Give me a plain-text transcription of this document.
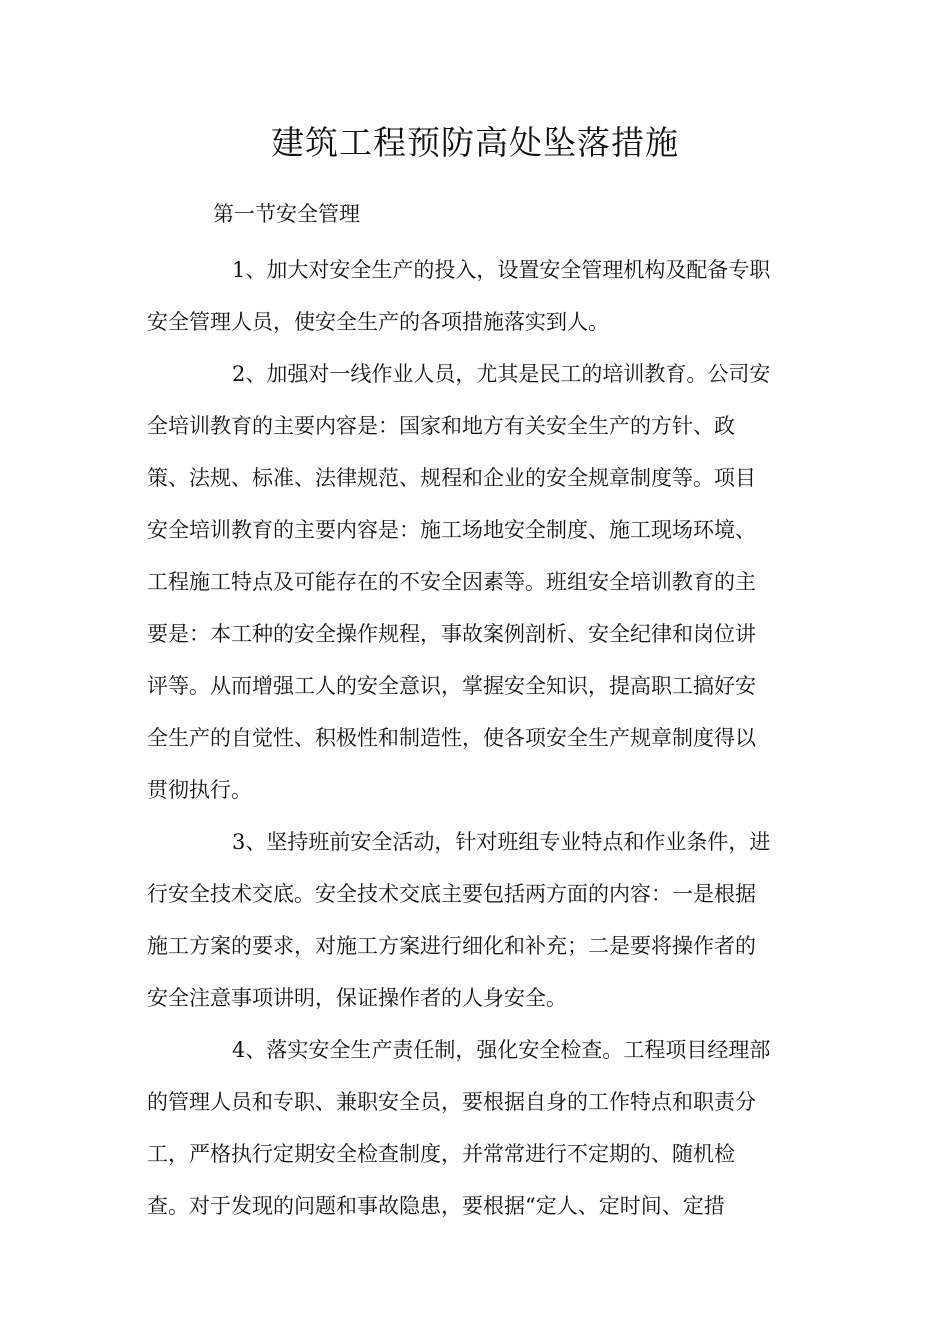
建筑工程预防高处坠落措施
第一节安全管理
1、加大对安全生产的投入，设置安全管理机构及配备专职
安全管理人员，使安全生产的各项措施落实到人。
2、加强对一线作业人员，尤其是民工的培训教育。公司安
全培训教育的主要内容是：国家和地方有关安全生产的方针、政
策、法规、标准、法律规范、规程和企业的安全规章制度等。项目
安全培训教育的主要内容是：施工场地安全制度、施工现场环境、
工程施工特点及可能存在的不安全因素等。班组安全培训教育的主
要是：本工种的安全操作规程，事故案例剖析、安全纪律和岗位讲
评等。从而增强工人的安全意识，掌握安全知识，提高职工搞好安
全生产的自觉性、积极性和制造性，使各项安全生产规章制度得以
贯彻执行。
3、坚持班前安全活动，针对班组专业特点和作业条件，进
行安全技术交底。安全技术交底主要包括两方面的内容：一是根据
施工方案的要求，对施工方案进行细化和补充；二是要将操作者的
安全注意事项讲明，保证操作者的人身安全。
4、落实安全生产责任制，强化安全检查。工程项目经理部
的管理人员和专职、兼职安全员，要根据自身的工作特点和职责分
工，严格执行定期安全检查制度，并常常进行不定期的、随机检
查。对于发现的问题和事故隐患，要根据“定人、定时间、定措
